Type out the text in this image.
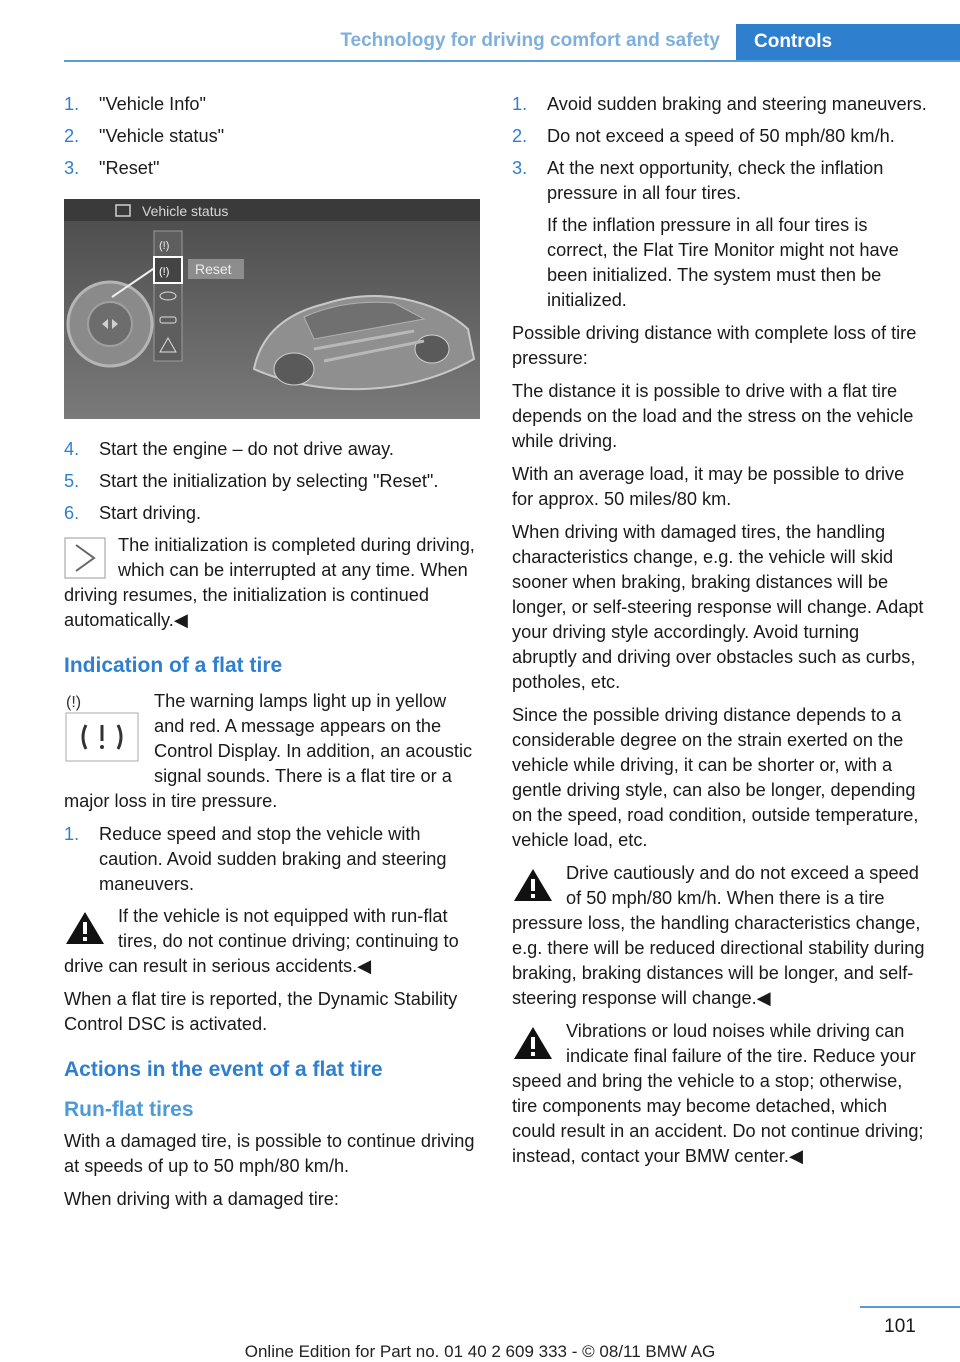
Technology for driving comfort and safety	Controls
1.	"Vehicle Info"
2.	"Vehicle status"
3.	"Reset"
Vehicle status
(!)
(!) Reset
4.	Start the engine – do not drive away.
5.	Start the initialization by selecting "Reset".
6.	Start driving.
The initialization is completed during driving, which can be interrupted at any time. When driving resumes, the initialization is continued automatically.◀
Indication of a flat tire
(!)	The warning lamps light up in yellow and red. A message appears on the Control Display. In addition, an acoustic signal sounds. There is a flat tire or a major loss in tire pressure.
1.	Reduce speed and stop the vehicle with caution. Avoid sudden braking and steering maneuvers.
If the vehicle is not equipped with run-flat tires, do not continue driving; continuing to drive can result in serious accidents.◀

When a flat tire is reported, the Dynamic Stability Control DSC is activated.

Actions in the event of a flat tire
Run-flat tires

With a damaged tire, is possible to continue driving at speeds of up to 50 mph/80 km/h.

When driving with a damaged tire:

1.	Avoid sudden braking and steering maneuvers.
2.	Do not exceed a speed of 50 mph/80 km/h.
3.	At the next opportunity, check the inflation pressure in all four tires.

If the inflation pressure in all four tires is correct, the Flat Tire Monitor might not have been initialized. The system must then be initialized.

Possible driving distance with complete loss of tire pressure:

The distance it is possible to drive with a flat tire depends on the load and the stress on the vehicle while driving.

With an average load, it may be possible to drive for approx. 50 miles/80 km.

When driving with damaged tires, the handling characteristics change, e.g. the vehicle will skid sooner when braking, braking distances will be longer, or self-steering response will change. Adapt your driving style accordingly. Avoid turning abruptly and driving over obstacles such as curbs, potholes, etc.

Since the possible driving distance depends to a considerable degree on the strain exerted on the vehicle while driving, it can be shorter or, with a gentle driving style, can also be longer, depending on the speed, road condition, outside temperature, vehicle load, etc.

Drive cautiously and do not exceed a speed of 50 mph/80 km/h. When there is a tire pressure loss, the handling characteristics change, e.g. there will be reduced directional stability during braking, braking distances will be longer, and self-steering response will change.◀
Vibrations or loud noises while driving can indicate final failure of the tire. Reduce your speed and bring the vehicle to a stop; otherwise, tire components may become detached, which could result in an accident. Do not continue driving; instead, contact your BMW center.◀
101
Online Edition for Part no. 01 40 2 609 333 - © 08/11 BMW AG
